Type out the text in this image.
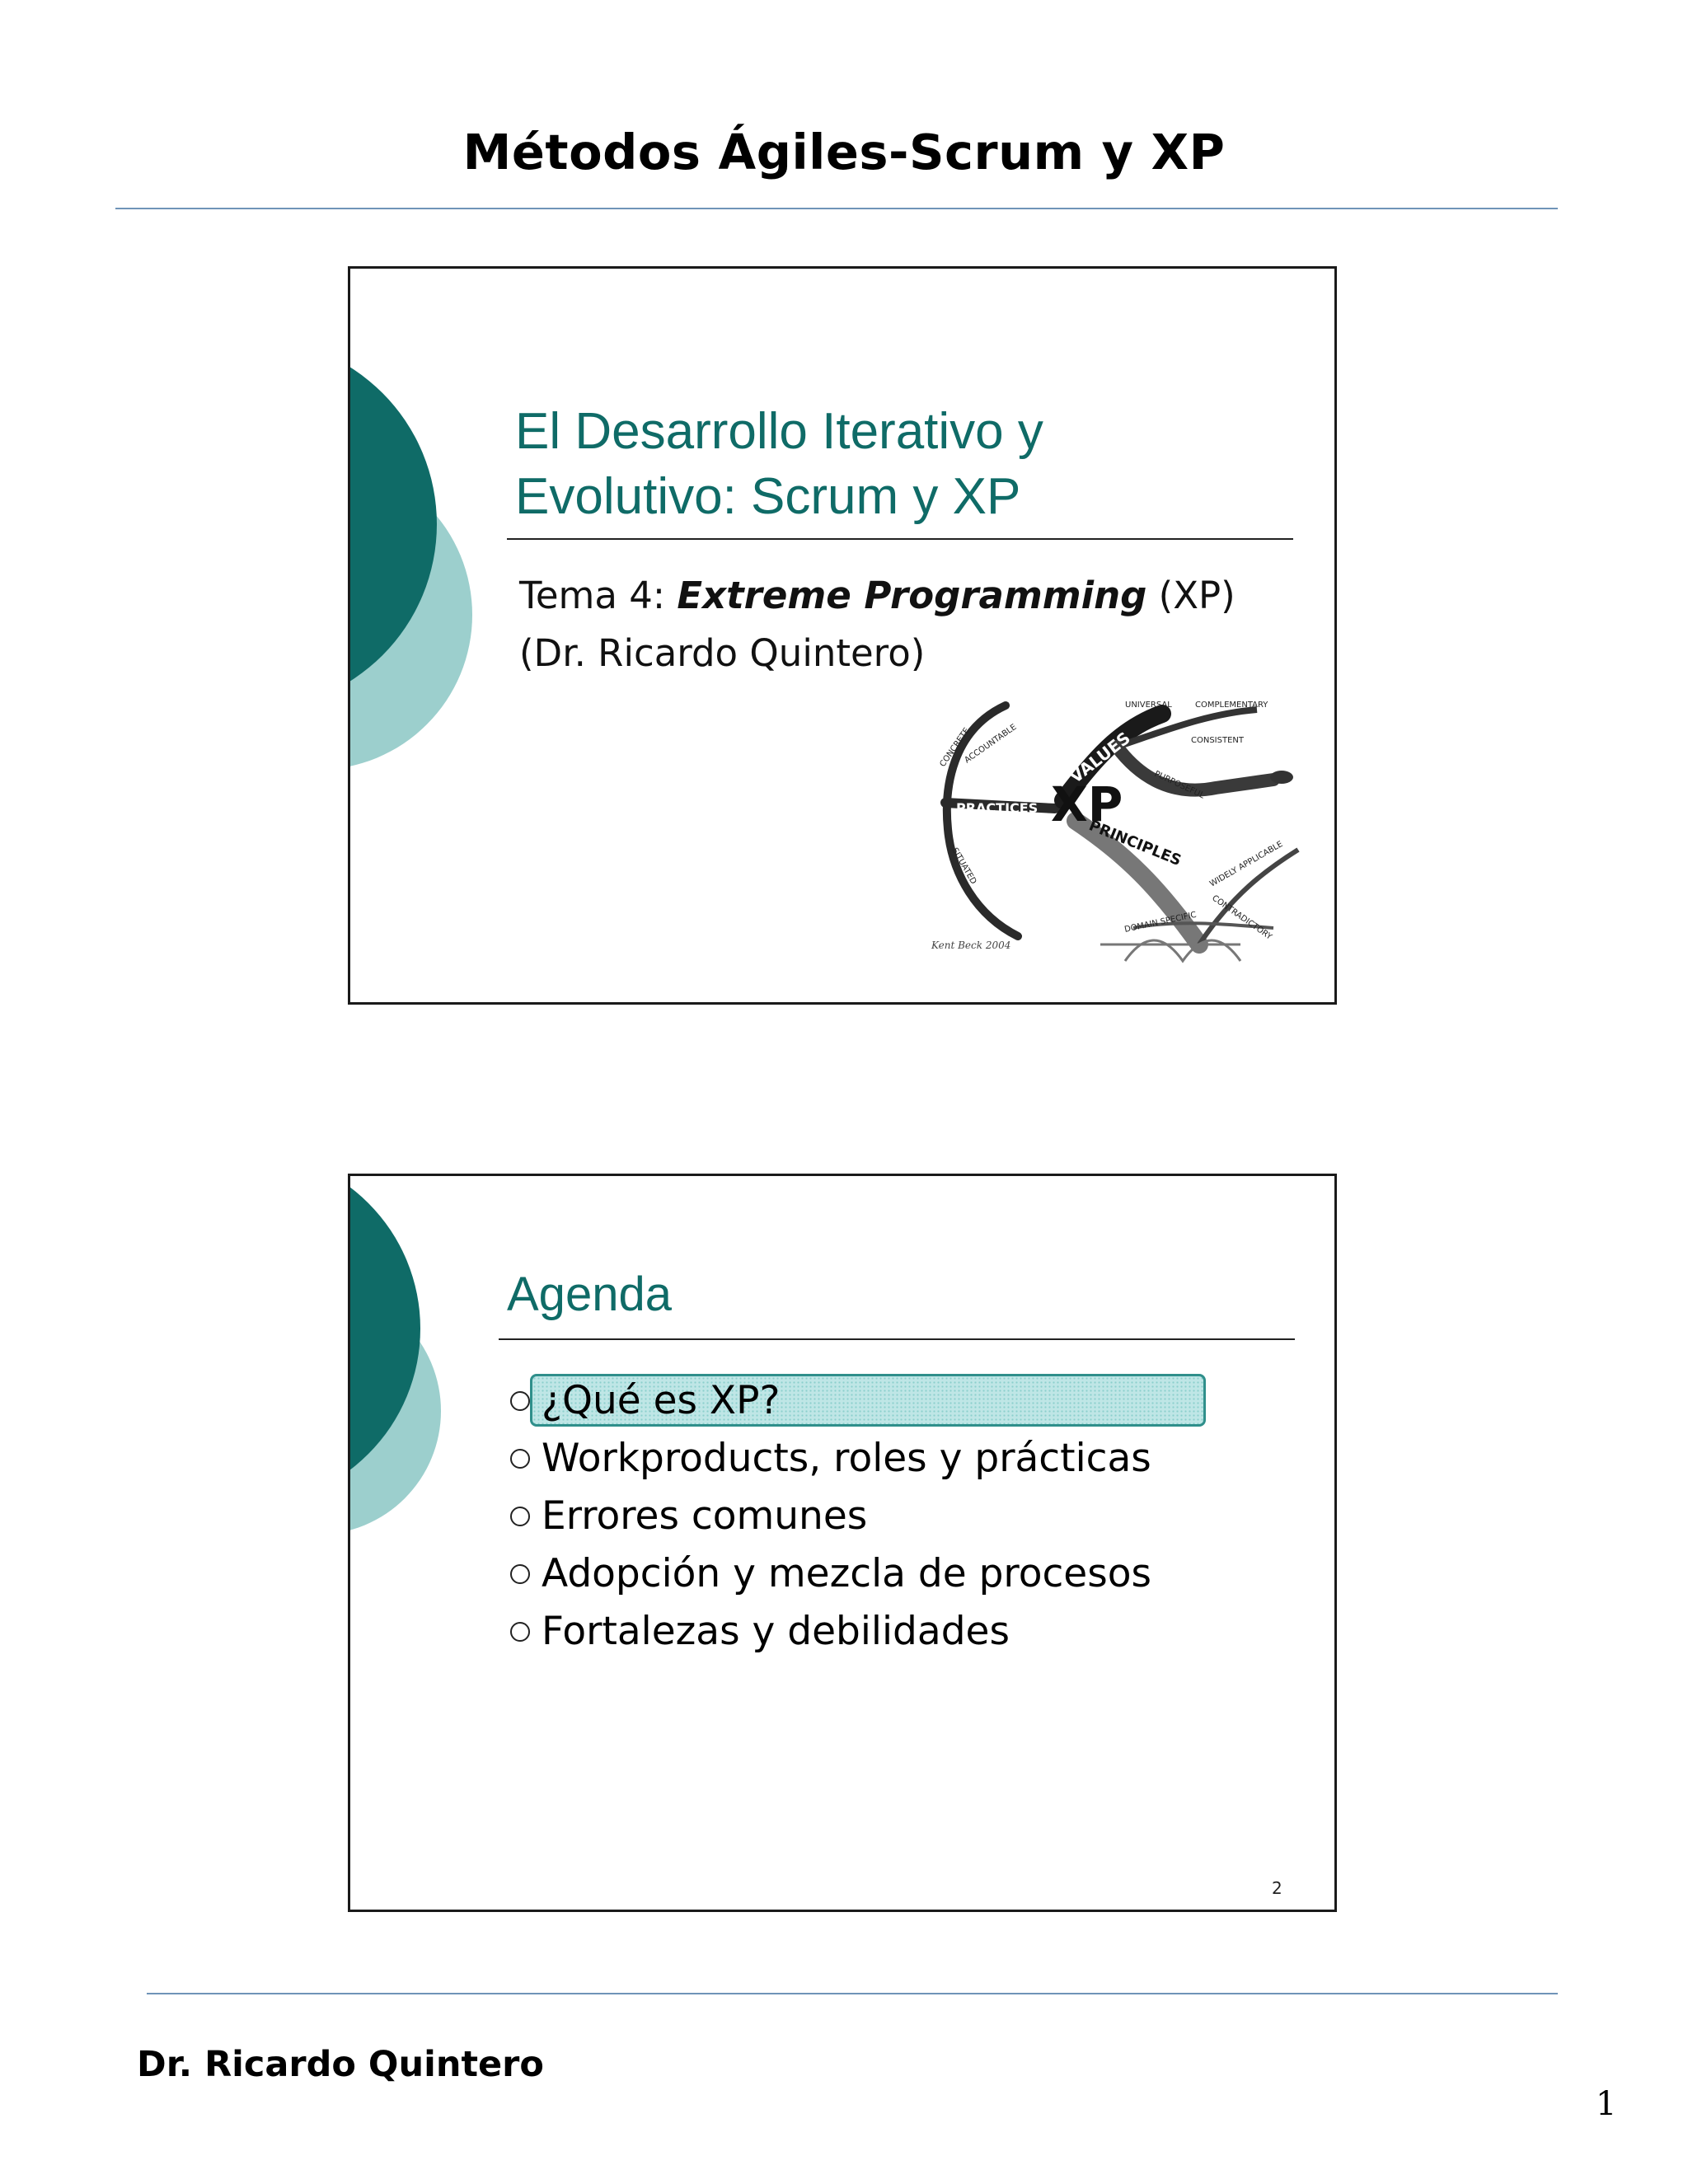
Métodos Ágiles-Scrum y XP
El Desarrollo Iterativo y
Evolutivo: Scrum y XP
Tema 4: Extreme Programming (XP)
(Dr. Ricardo Quintero)
XP
PRACTICES
VALUES
PRINCIPLES
CONCRETE
ACCOUNTABLE
SITUATED
UNIVERSAL	COMPLEMENTARY
CONSISTENT
PURPOSEFUL
WIDELY APPLICABLE
CONTRADICTORY
DOMAIN SPECIFIC
Kent Beck 2004
Agenda
¿Qué es XP?
Workproducts, roles y prácticas
Errores comunes
Adopción y mezcla de procesos
Fortalezas y debilidades
2
Dr. Ricardo Quintero
1
